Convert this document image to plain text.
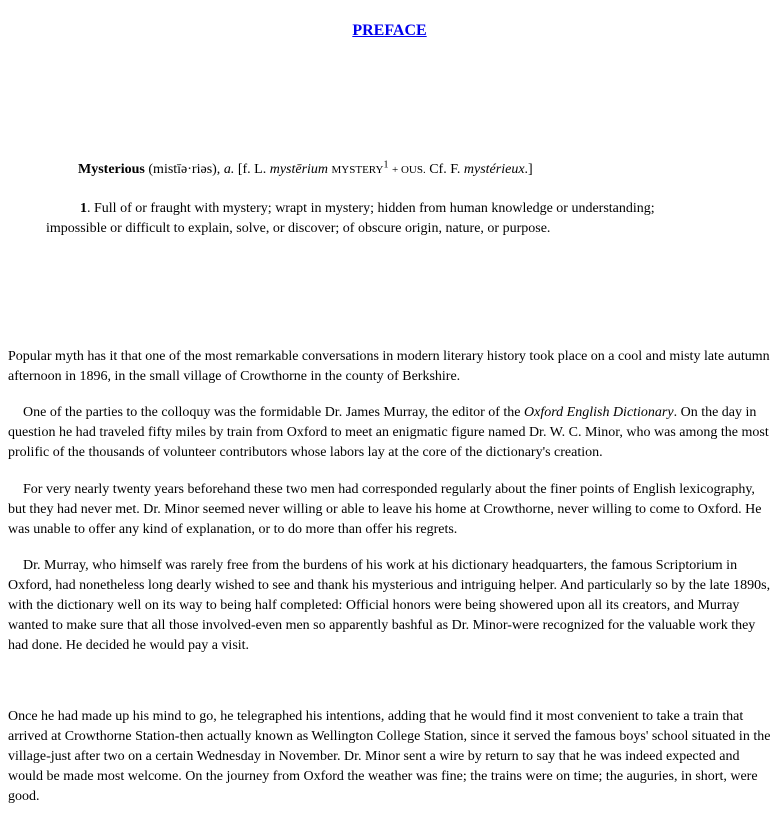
PREFACE
Mysterious (mistīə·riəs), a. [f. L. mystērium $MYSTERY^1$ + OUS. Cf. F. mystérieux.]
1. Full of or fraught with mystery; wrapt in mystery; hidden from human knowledge or understanding;
impossible or difficult to explain, solve, or discover; of obscure origin, nature, or purpose.

Popular myth has it that one of the most remarkable conversations in modern literary history took place on a cool and misty late autumn afternoon in 1896, in the small village of Crowthorne in the county of Berkshire.

One of the parties to the colloquy was the formidable Dr. James Murray, the editor of the Oxford English Dictionary. On the day in question he had traveled fifty miles by train from Oxford to meet an enigmatic figure named Dr. W. C. Minor, who was among the most prolific of the thousands of volunteer contributors whose labors lay at the core of the dictionary's creation.

For very nearly twenty years beforehand these two men had corresponded regularly about the finer points of English lexicography, but they had never met. Dr. Minor seemed never willing or able to leave his home at Crowthorne, never willing to come to Oxford. He was unable to offer any kind of explanation, or to do more than offer his regrets.

Dr. Murray, who himself was rarely free from the burdens of his work at his dictionary headquarters, the famous Scriptorium in Oxford, had nonetheless long dearly wished to see and thank his mysterious and intriguing helper. And particularly so by the late 1890s, with the dictionary well on its way to being half completed: Official honors were being showered upon all its creators, and Murray wanted to make sure that all those involved-even men so apparently bashful as Dr. Minor-were recognized for the valuable work they had done. He decided he would pay a visit.

Once he had made up his mind to go, he telegraphed his intentions, adding that he would find it most convenient to take a train that arrived at Crowthorne Station-then actually known as Wellington College Station, since it served the famous boys' school situated in the village-just after two on a certain Wednesday in November. Dr. Minor sent a wire by return to say that he was indeed expected and would be made most welcome. On the journey from Oxford the weather was fine; the trains were on time; the auguries, in short, were good.
